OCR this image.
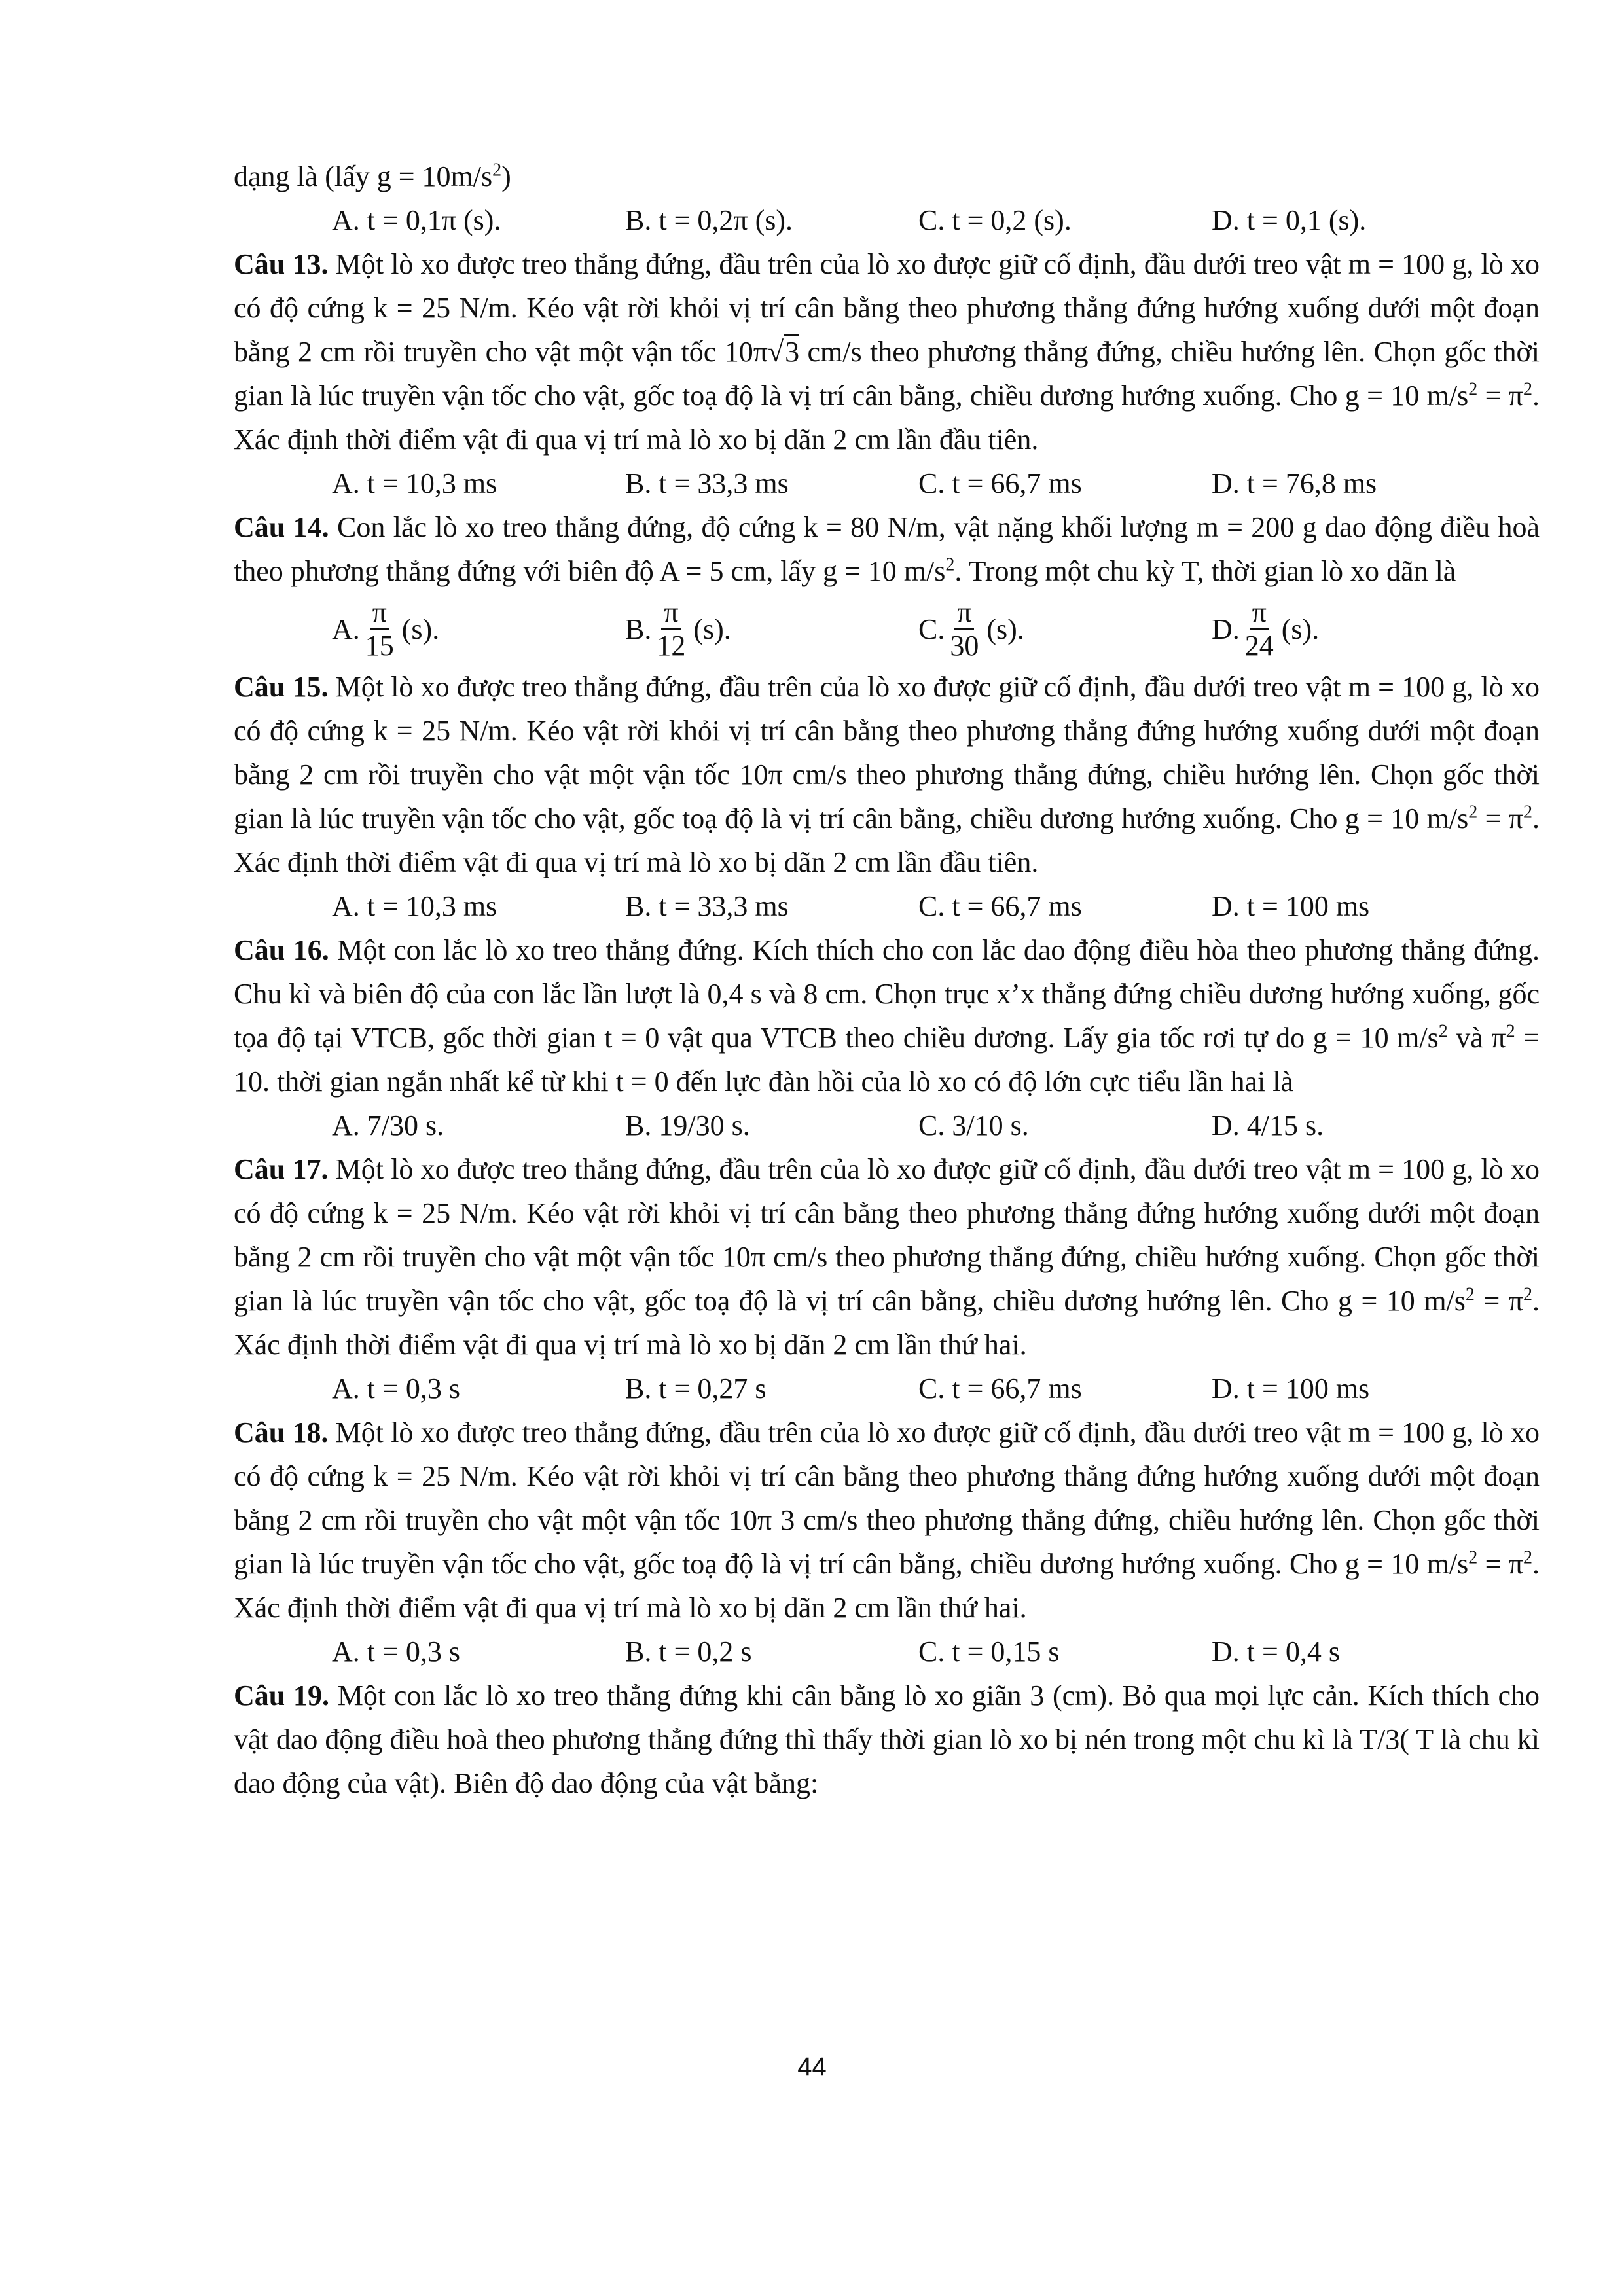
dạng là (lấy $g = 10m/s^2$)
A. t = 0,1π (s).	B. t = 0,2π (s).	C. t = 0,2 (s).	D. t = 0,1 (s).
Câu 13. Một lò xo được treo thẳng đứng, đầu trên của lò xo được giữ cố định, đầu dưới treo vật m = 100 g, lò xo có độ cứng k = 25 N/m. Kéo vật rời khỏi vị trí cân bằng theo phương thẳng đứng hướng xuống dưới một đoạn bằng 2 cm rồi truyền cho vật một vận tốc 10π√3 cm/s theo phương thẳng đứng, chiều hướng lên. Chọn gốc thời gian là lúc truyền vận tốc cho vật, gốc toạ độ là vị trí cân bằng, chiều dương hướng xuống. Cho g = 10 $m/s^2 = \pi^2$. Xác định thời điểm vật đi qua vị trí mà lò xo bị dãn 2 cm lần đầu tiên.
A. t = 10,3 ms	B. t = 33,3 ms	C. t = 66,7 ms	D. t = 76,8 ms
Câu 14. Con lắc lò xo treo thẳng đứng, độ cứng k = 80 N/m, vật nặng khối lượng m = 200 g dao động điều hoà theo phương thẳng đứng với biên độ A = 5 cm, lấy g = 10 $m/s^2$. Trong một chu kỳ T, thời gian lò xo dãn là
A. $\frac{\pi}{15} (s)$.	B. $\frac{\pi}{12} (s)$.	C. $\frac{\pi}{30} (s)$.	D. $\frac{\pi}{24} (s)$.
Câu 15. Một lò xo được treo thẳng đứng, đầu trên của lò xo được giữ cố định, đầu dưới treo vật m = 100 g, lò xo có độ cứng k = 25 N/m. Kéo vật rời khỏi vị trí cân bằng theo phương thẳng đứng hướng xuống dưới một đoạn bằng 2 cm rồi truyền cho vật một vận tốc 10π cm/s theo phương thẳng đứng, chiều hướng lên. Chọn gốc thời gian là lúc truyền vận tốc cho vật, gốc toạ độ là vị trí cân bằng, chiều dương hướng xuống. Cho g = 10 $m/s^2 = \pi^2$. Xác định thời điểm vật đi qua vị trí mà lò xo bị dãn 2 cm lần đầu tiên.
A. t = 10,3 ms	B. t = 33,3 ms	C. t = 66,7 ms	D. t = 100 ms
Câu 16. Một con lắc lò xo treo thẳng đứng. Kích thích cho con lắc dao động điều hòa theo phương thẳng đứng. Chu kì và biên độ của con lắc lần lượt là 0,4 s và 8 cm. Chọn trục x’x thẳng đứng chiều dương hướng xuống, gốc tọa độ tại VTCB, gốc thời gian t = 0 vật qua VTCB theo chiều dương. Lấy gia tốc rơi tự do g = 10 $m/s^2$ và $\pi^2 = 10$. thời gian ngắn nhất kể từ khi t = 0 đến lực đàn hồi của lò xo có độ lớn cực tiểu lần hai là
A. 7/30 s.	B. 19/30 s.	C. 3/10 s.	D. 4/15 s.
Câu 17. Một lò xo được treo thẳng đứng, đầu trên của lò xo được giữ cố định, đầu dưới treo vật m = 100 g, lò xo có độ cứng k = 25 N/m. Kéo vật rời khỏi vị trí cân bằng theo phương thẳng đứng hướng xuống dưới một đoạn bằng 2 cm rồi truyền cho vật một vận tốc 10π cm/s theo phương thẳng đứng, chiều hướng xuống. Chọn gốc thời gian là lúc truyền vận tốc cho vật, gốc toạ độ là vị trí cân bằng, chiều dương hướng lên. Cho g = 10 $m/s^2 = \pi^2$. Xác định thời điểm vật đi qua vị trí mà lò xo bị dãn 2 cm lần thứ hai.
A. t = 0,3 s	B. t = 0,27 s	C. t = 66,7 ms	D. t = 100 ms
Câu 18. Một lò xo được treo thẳng đứng, đầu trên của lò xo được giữ cố định, đầu dưới treo vật m = 100 g, lò xo có độ cứng k = 25 N/m. Kéo vật rời khỏi vị trí cân bằng theo phương thẳng đứng hướng xuống dưới một đoạn bằng 2 cm rồi truyền cho vật một vận tốc 10π 3 cm/s theo phương thẳng đứng, chiều hướng lên. Chọn gốc thời gian là lúc truyền vận tốc cho vật, gốc toạ độ là vị trí cân bằng, chiều dương hướng xuống. Cho g = 10 $m/s^2 = \pi^2$. Xác định thời điểm vật đi qua vị trí mà lò xo bị dãn 2 cm lần thứ hai.
A. t = 0,3 s	B. t = 0,2 s	C. t = 0,15 s	D. t = 0,4 s
Câu 19. Một con lắc lò xo treo thẳng đứng khi cân bằng lò xo giãn 3 (cm). Bỏ qua mọi lực cản. Kích thích cho vật dao động điều hoà theo phương thẳng đứng thì thấy thời gian lò xo bị nén trong một chu kì là T/3( T là chu kì dao động của vật). Biên độ dao động của vật bằng:
44
